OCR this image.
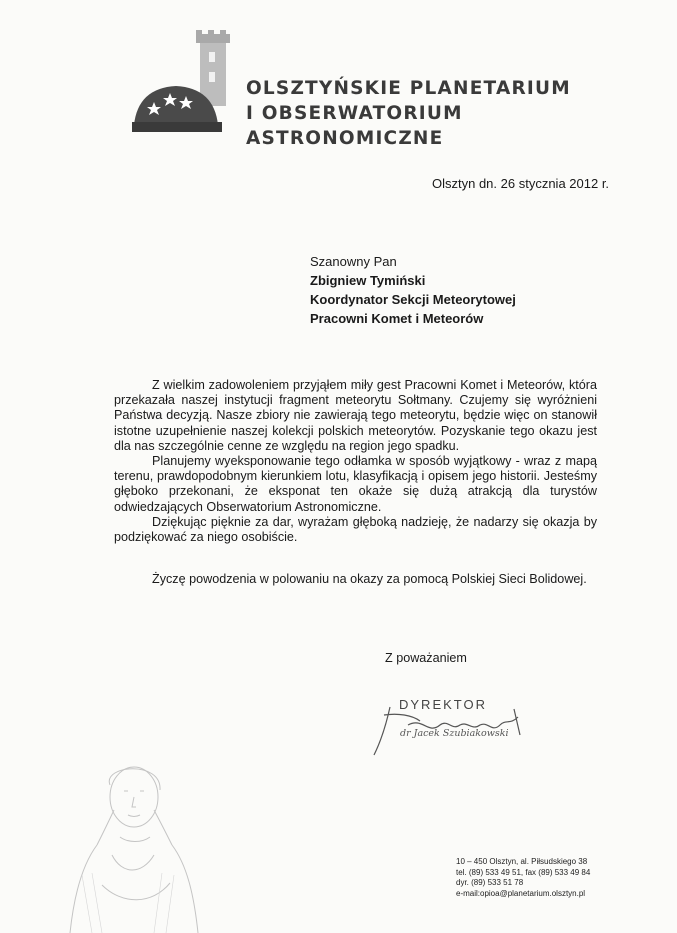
OLSZTYŃSKIE PLANETARIUM
I OBSERWATORIUM
ASTRONOMICZNE
Olsztyn dn. 26 stycznia 2012 r.
Szanowny Pan
Zbigniew Tymiński
Koordynator Sekcji Meteorytowej
Pracowni Komet i Meteorów

Z wielkim zadowoleniem przyjąłem miły gest Pracowni Komet i Meteorów, która przekazała naszej instytucji fragment meteorytu Sołtmany. Czujemy się wyróżnieni Państwa decyzją. Nasze zbiory nie zawierają tego meteorytu, będzie więc on stanowił istotne uzupełnienie naszej kolekcji polskich meteorytów. Pozyskanie tego okazu jest dla nas szczególnie cenne ze względu na region jego spadku.

Planujemy wyeksponowanie tego odłamka w sposób wyjątkowy - wraz z mapą terenu, prawdopodobnym kierunkiem lotu, klasyfikacją i opisem jego historii. Jesteśmy głęboko przekonani, że eksponat ten okaże się dużą atrakcją dla turystów odwiedzających Obserwatorium Astronomiczne.

Dziękując pięknie za dar, wyrażam głęboką nadzieję, że nadarzy się okazja by podziękować za niego osobiście.

Życzę powodzenia w polowaniu na okazy za pomocą Polskiej Sieci Bolidowej.
Z poważaniem
DYREKTOR
dr Jacek Szubiakowski
10 – 450 Olsztyn, al. Piłsudskiego 38
tel. (89) 533 49 51, fax (89) 533 49 84
dyr. (89) 533 51 78
e-mail:opioa@planetarium.olsztyn.pl
